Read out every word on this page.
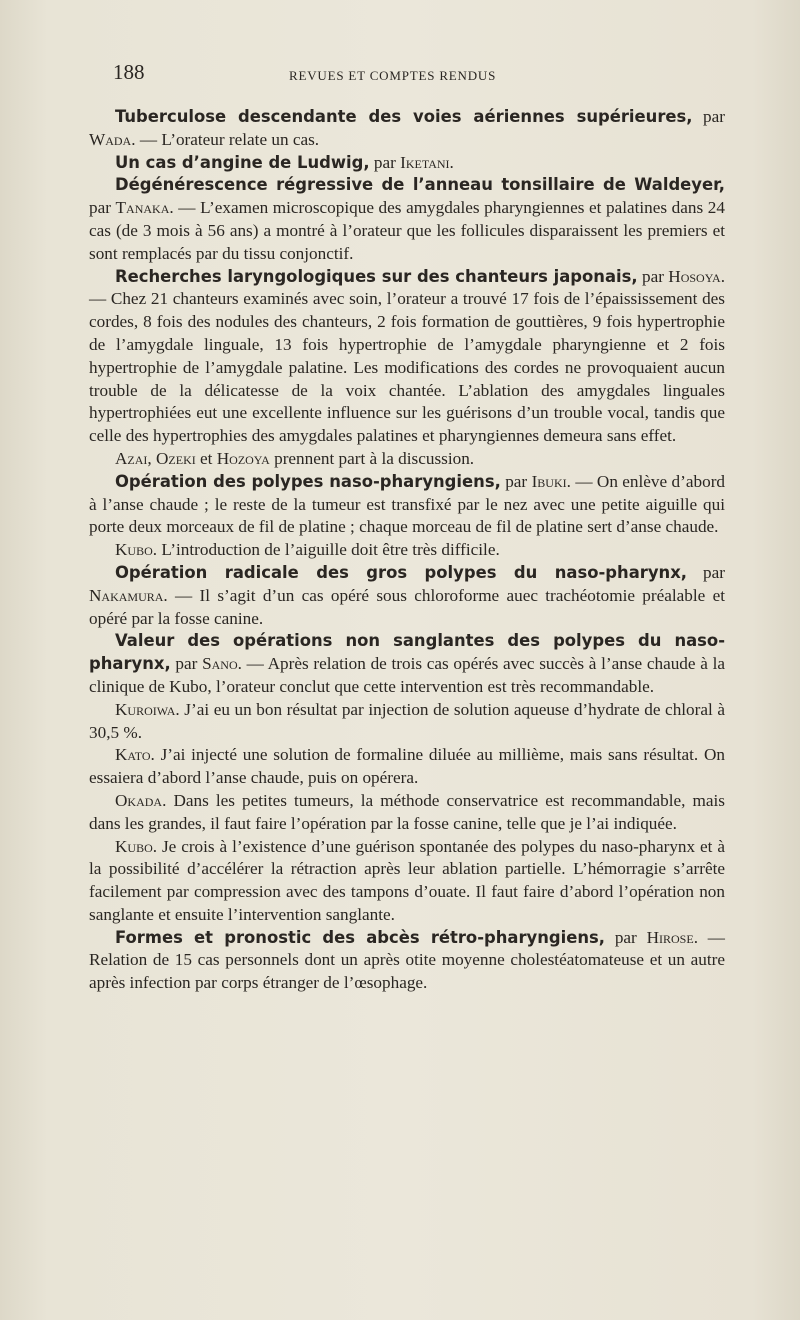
188	REVUES ET COMPTES RENDUS

Tuberculose descendante des voies aériennes supérieures, par Wada. — L’orateur relate un cas.

Un cas d’angine de Ludwig, par Iketani.

Dégénérescence régressive de l’anneau tonsillaire de Waldeyer, par Tanaka. — L’examen microscopique des amygdales pharyngiennes et palatines dans 24 cas (de 3 mois à 56 ans) a montré à l’orateur que les follicules disparaissent les premiers et sont remplacés par du tissu conjonctif.

Recherches laryngologiques sur des chanteurs japonais, par Hosoya. — Chez 21 chanteurs examinés avec soin, l’orateur a trouvé 17 fois de l’épaississement des cordes, 8 fois des nodules des chanteurs, 2 fois formation de gouttières, 9 fois hypertrophie de l’amygdale linguale, 13 fois hypertrophie de l’amygdale pharyngienne et 2 fois hypertrophie de l’amygdale palatine. Les modifications des cordes ne provoquaient aucun trouble de la délicatesse de la voix chantée. L’ablation des amygdales linguales hypertrophiées eut une excellente influence sur les guérisons d’un trouble vocal, tandis que celle des hypertrophies des amygdales palatines et pharyngiennes demeura sans effet.

Azai, Ozeki et Hozoya prennent part à la discussion.

Opération des polypes naso-pharyngiens, par Ibuki. — On enlève d’abord à l’anse chaude ; le reste de la tumeur est transfixé par le nez avec une petite aiguille qui porte deux morceaux de fil de platine ; chaque morceau de fil de platine sert d’anse chaude.

Kubo. L’introduction de l’aiguille doit être très difficile.

Opération radicale des gros polypes du naso-pharynx, par Nakamura. — Il s’agit d’un cas opéré sous chloroforme auec trachéotomie préalable et opéré par la fosse canine.

Valeur des opérations non sanglantes des polypes du naso-pharynx, par Sano. — Après relation de trois cas opérés avec succès à l’anse chaude à la clinique de Kubo, l’orateur conclut que cette intervention est très recommandable.

Kuroiwa. J’ai eu un bon résultat par injection de solution aqueuse d’hydrate de chloral à 30,5 %.

Kato. J’ai injecté une solution de formaline diluée au millième, mais sans résultat. On essaiera d’abord l’anse chaude, puis on opérera.

Okada. Dans les petites tumeurs, la méthode conservatrice est recommandable, mais dans les grandes, il faut faire l’opération par la fosse canine, telle que je l’ai indiquée.

Kubo. Je crois à l’existence d’une guérison spontanée des polypes du naso-pharynx et à la possibilité d’accélérer la rétraction après leur ablation partielle. L’hémorragie s’arrête facilement par compression avec des tampons d’ouate. Il faut faire d’abord l’opération non sanglante et ensuite l’intervention sanglante.

Formes et pronostic des abcès rétro-pharyngiens, par Hirose. — Relation de 15 cas personnels dont un après otite moyenne cholestéatomateuse et un autre après infection par corps étranger de l’œsophage.
